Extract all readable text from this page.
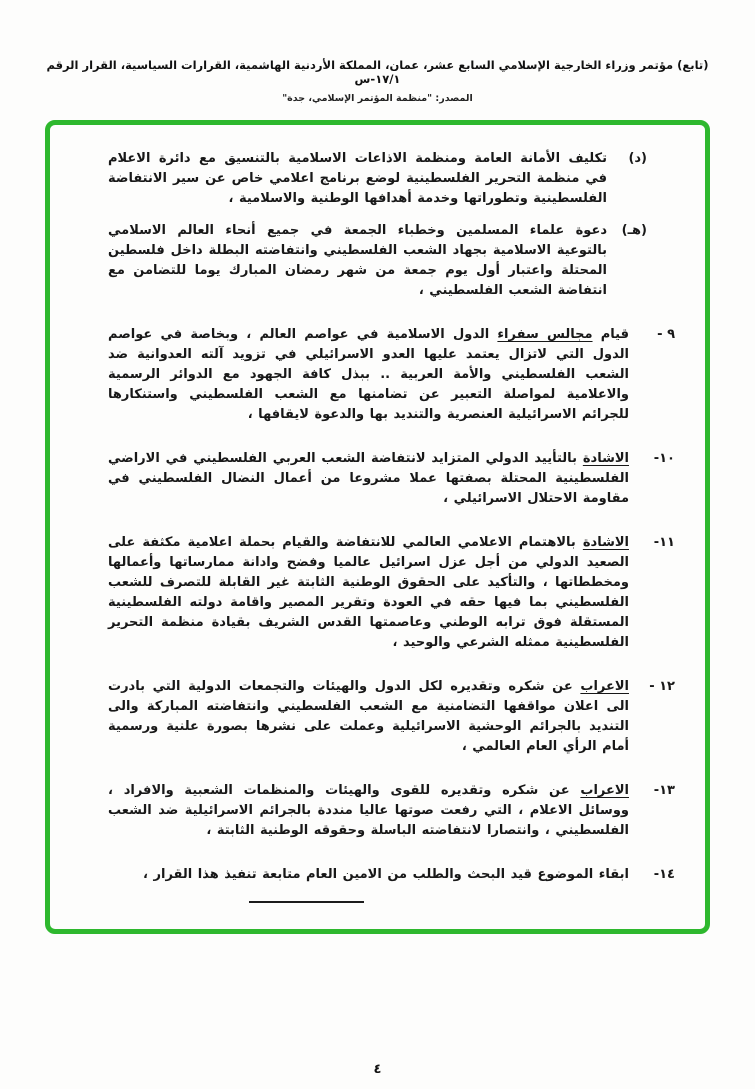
(تابع) مؤتمر وزراء الخارجية الإسلامي السابع عشر، عمان، المملكة الأردنية الهاشمية، القرارات السياسية، القرار الرقم ١٧/١-س
المصدر: "منظمة المؤتمر الإسلامي، جدة"
(د)

تكليف الأمانة العامة ومنظمة الاذاعات الاسلامية بالتنسيق مع دائرة الاعلام في منظمة التحرير الفلسطينية لوضع برنامج اعلامي خاص عن سير الانتفاضة الفلسطينية وتطوراتها وخدمة أهدافها الوطنية والاسلامية ،

(هـ)

دعوة علماء المسلمين وخطباء الجمعة في جميع أنحاء العالم الاسلامي بالتوعية الاسلامية بجهاد الشعب الفلسطيني وانتفاضته البطلة داخل فلسطين المحتلة واعتبار أول يوم جمعة من شهر رمضان المبارك يوما للتضامن مع انتفاضة الشعب الفلسطيني ،

٩ -

قيام مجالس سفراء الدول الاسلامية في عواصم العالم ، وبخاصة في عواصم الدول التي لاتزال يعتمد عليها العدو الاسرائيلي في تزويد آلته العدوانية ضد الشعب الفلسطيني والأمة العربية .. ببذل كافة الجهود مع الدوائر الرسمية والاعلامية لمواصلة التعبير عن تضامنها مع الشعب الفلسطيني واستنكارها للجرائم الاسرائيلية العنصرية والتنديد بها والدعوة لايقافها ،

١٠-

الاشادة بالتأييد الدولي المتزايد لانتفاضة الشعب العربي الفلسطيني في الاراضي الفلسطينية المحتلة بصفتها عملا مشروعا من أعمال النضال الفلسطيني في مقاومة الاحتلال الاسرائيلي ،

١١-

الاشادة بالاهتمام الاعلامي العالمي للانتفاضة والقيام بحملة اعلامية مكثفة على الصعيد الدولي من أجل عزل اسرائيل عالميا وفضح وادانة ممارساتها وأعمالها ومخططاتها ، والتأكيد على الحقوق الوطنية الثابتة غير القابلة للتصرف للشعب الفلسطيني بما فيها حقه في العودة وتقرير المصير واقامة دولته الفلسطينية المستقلة فوق ترابه الوطني وعاصمتها القدس الشريف بقيادة منظمة التحرير الفلسطينية ممثله الشرعي والوحيد ،

١٢ -

الاعراب عن شكره وتقديره لكل الدول والهيئات والتجمعات الدولية التي بادرت الى اعلان مواقفها التضامنية مع الشعب الفلسطيني وانتفاضته المباركة والى التنديد بالجرائم الوحشية الاسرائيلية وعملت على نشرها بصورة علنية ورسمية أمام الرأي العام العالمي ،

١٣-

الاعراب عن شكره وتقديره للقوى والهيئات والمنظمات الشعبية والافراد ، ووسائل الاعلام ، التي رفعت صوتها عاليا منددة بالجرائم الاسرائيلية ضد الشعب الفلسطيني ، وانتصارا لانتفاضته الباسلة وحقوقه الوطنية الثابتة ،

١٤-

ابقاء الموضوع قيد البحث والطلب من الامين العام متابعة تنفيذ هذا القرار ،

٤
